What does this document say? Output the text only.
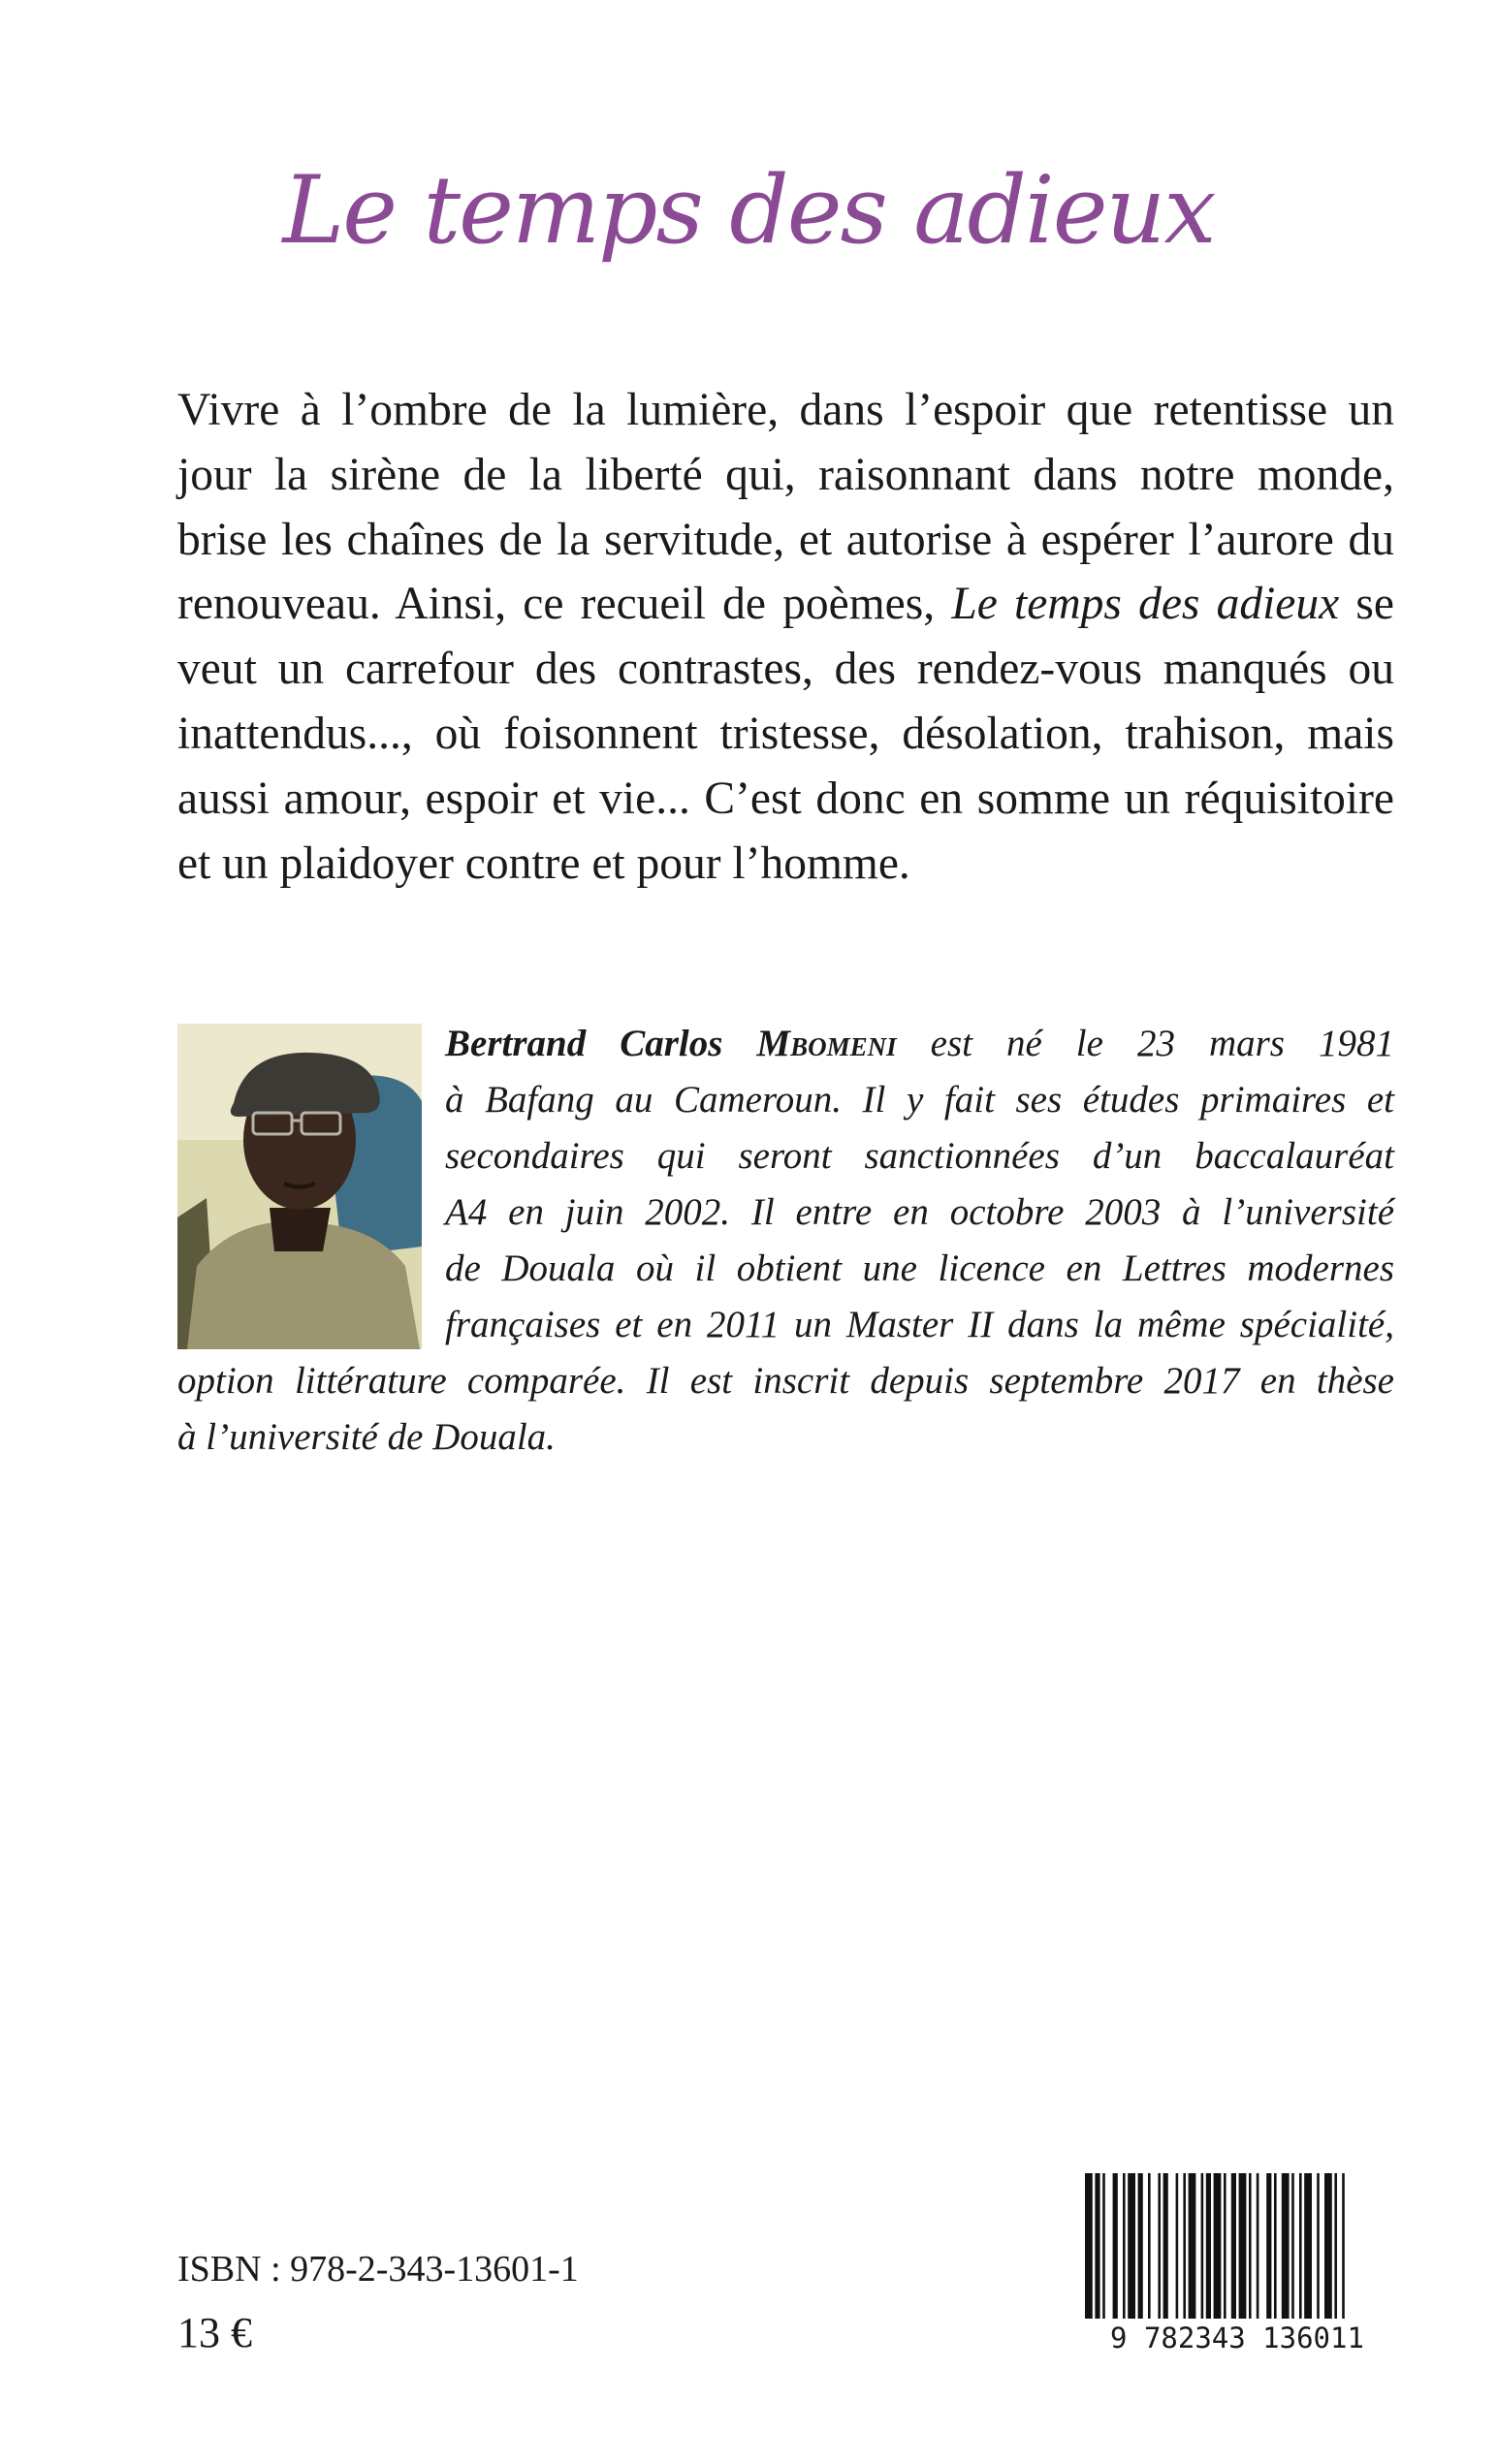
Le temps des adieux
Vivre à l’ombre de la lumière, dans l’espoir que retentisse un
jour la sirène de la liberté qui, raisonnant dans notre monde,
brise les chaînes de la servitude, et autorise à espérer l’aurore du
renouveau. Ainsi, ce recueil de poèmes, Le temps des adieux se
veut un carrefour des contrastes, des rendez-vous manqués ou
inattendus..., où foisonnent tristesse, désolation, trahison, mais
aussi amour, espoir et vie... C’est donc en somme un réquisitoire
et un plaidoyer contre et pour l’homme.
Bertrand Carlos Mbomeni est né le 23 mars 1981
à Bafang au Cameroun. Il y fait ses études primaires et
secondaires qui seront sanctionnées d’un baccalauréat
A4 en juin 2002. Il entre en octobre 2003 à l’université
de Douala où il obtient une licence en Lettres modernes
françaises et en 2011 un Master II dans la même spécialité,
option littérature comparée. Il est inscrit depuis septembre 2017 en thèse
à l’université de Douala.
ISBN : 978-2-343-13601-1
13 €	9 782343 136011
